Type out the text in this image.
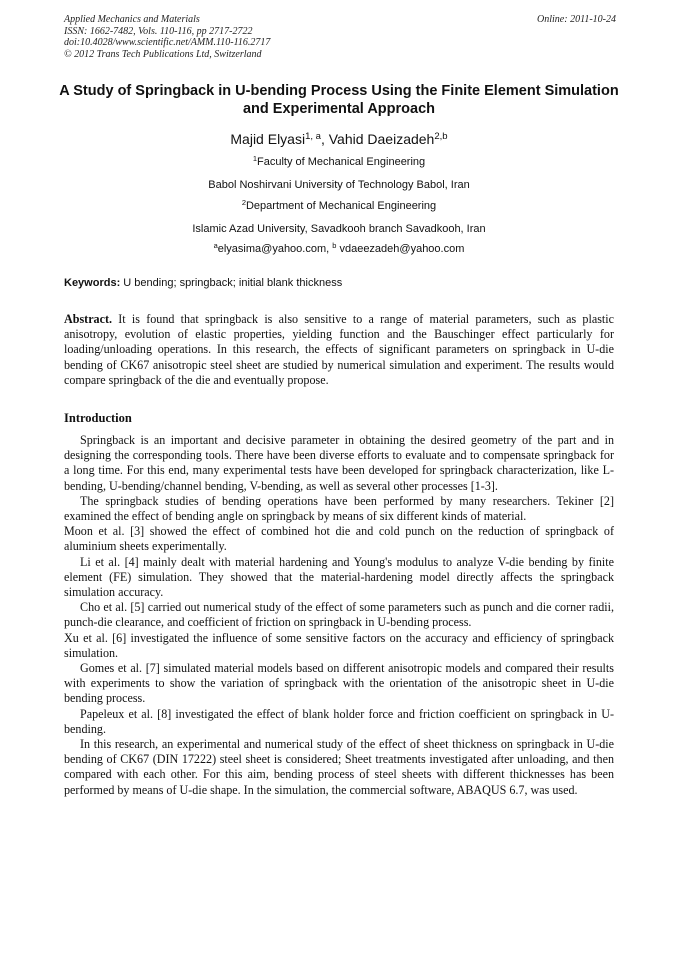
Applied Mechanics and Materials
ISSN: 1662-7482, Vols. 110-116, pp 2717-2722
doi:10.4028/www.scientific.net/AMM.110-116.2717
© 2012 Trans Tech Publications Ltd, Switzerland
Online: 2011-10-24
A Study of Springback in U-bending Process Using the Finite Element Simulation and Experimental Approach
Majid Elyasi$^{1, a}$, Vahid Daeizadeh$^{2,b}$
$^1$Faculty of Mechanical Engineering
Babol Noshirvani University of Technology Babol, Iran
$^2$Department of Mechanical Engineering
Islamic Azad University, Savadkooh branch Savadkooh, Iran
$^a$elyasima@yahoo.com, $^b$ vdaeezadeh@yahoo.com
Keywords: U bending; springback; initial blank thickness
Abstract. It is found that springback is also sensitive to a range of material parameters, such as plastic anisotropy, evolution of elastic properties, yielding function and the Bauschinger effect particularly for loading/unloading operations. In this research, the effects of significant parameters on springback in U-die bending of CK67 anisotropic steel sheet are studied by numerical simulation and experiment. The results would compare springback of the die and eventually propose.
Introduction

Springback is an important and decisive parameter in obtaining the desired geometry of the part and in designing the corresponding tools. There have been diverse efforts to evaluate and to compensate springback for a long time. For this end, many experimental tests have been developed for springback characterization, like L-bending, U-bending/channel bending, V-bending, as well as several other processes [1-3].

The springback studies of bending operations have been performed by many researchers. Tekiner [2] examined the effect of bending angle on springback by means of six different kinds of material.

Moon et al. [3] showed the effect of combined hot die and cold punch on the reduction of springback of aluminium sheets experimentally.

Li et al. [4] mainly dealt with material hardening and Young's modulus to analyze V-die bending by finite element (FE) simulation. They showed that the material-hardening model directly affects the springback simulation accuracy.

Cho et al. [5] carried out numerical study of the effect of some parameters such as punch and die corner radii, punch-die clearance, and coefficient of friction on springback in U-bending process.

Xu et al. [6] investigated the influence of some sensitive factors on the accuracy and efficiency of springback simulation.

Gomes et al. [7] simulated material models based on different anisotropic models and compared their results with experiments to show the variation of springback with the orientation of the anisotropic sheet in U-die bending process.

Papeleux et al. [8] investigated the effect of blank holder force and friction coefficient on springback in U-bending.

In this research, an experimental and numerical study of the effect of sheet thickness on springback in U-die bending of CK67 (DIN 17222) steel sheet is considered; Sheet treatments investigated after unloading, and then compared with each other. For this aim, bending process of steel sheets with different thicknesses has been performed by means of U-die shape. In the simulation, the commercial software, ABAQUS 6.7, was used.
